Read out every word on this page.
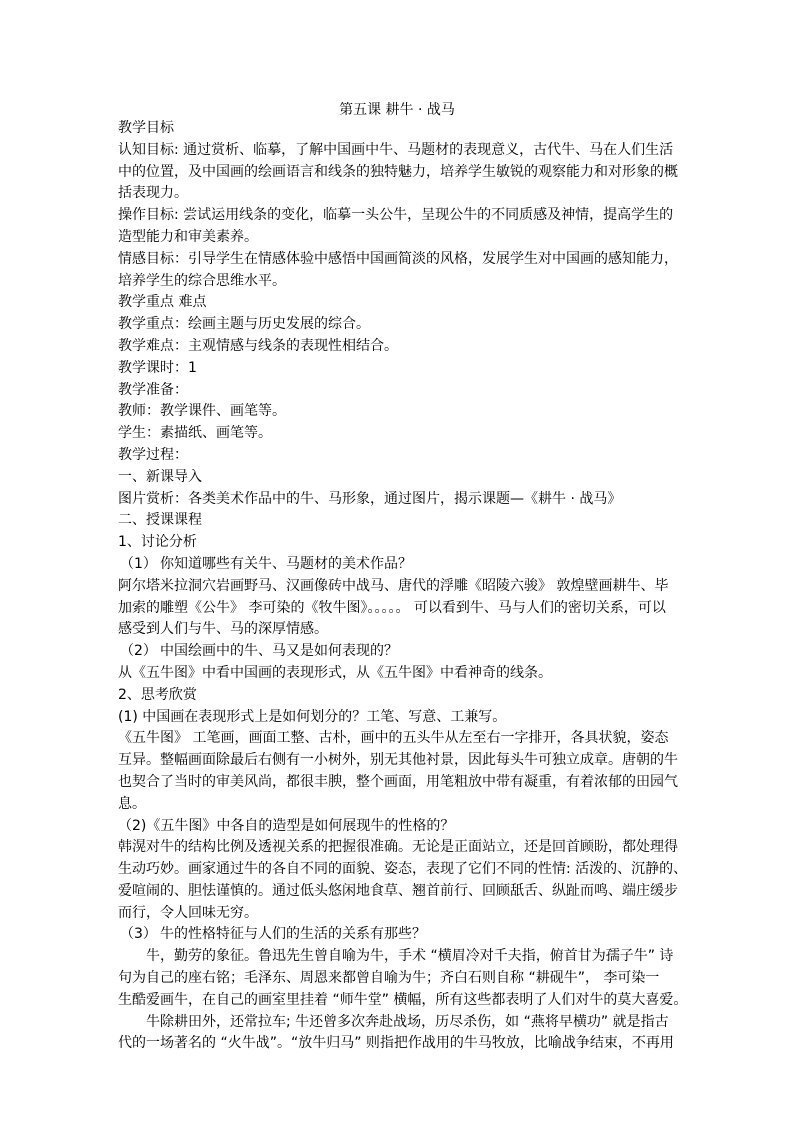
第五课 耕牛 · 战马
教学目标
认知目标: 通过赏析、临摹，了解中国画中牛、马题材的表现意义，古代牛、马在人们生活
中的位置，及中国画的绘画语言和线条的独特魅力，培养学生敏锐的观察能力和对形象的概
括表现力。
操作目标: 尝试运用线条的变化，临摹一头公牛，呈现公牛的不同质感及神情，提高学生的
造型能力和审美素养。
情感目标：引导学生在情感体验中感悟中国画简淡的风格，发展学生对中国画的感知能力，
培养学生的综合思维水平。
教学重点 难点
教学重点：绘画主题与历史发展的综合。
教学难点：主观情感与线条的表现性相结合。
教学课时：1
教学准备：
教师：教学课件、画笔等。
学生：素描纸、画笔等。
教学过程：
一、新课导入
图片赏析：各类美术作品中的牛、马形象，通过图片，揭示课题—《耕牛 · 战马》
二、授课课程
1、讨论分析
（1） 你知道哪些有关牛、马题材的美术作品？
阿尔塔米拉洞穴岩画野马、汉画像砖中战马、唐代的浮雕《昭陵六骏》 敦煌壁画耕牛、毕
加索的雕塑《公牛》 李可染的《牧牛图》。。。。。 可以看到牛、马与人们的密切关系，可以
感受到人们与牛、马的深厚情感。
（2） 中国绘画中的牛、马又是如何表现的？
从《五牛图》中看中国画的表现形式，从《五牛图》中看神奇的线条。
2、思考欣赏
(1) 中国画在表现形式上是如何划分的？工笔、写意、工兼写。
《五牛图》 工笔画，画面工整、古朴，画中的五头牛从左至右一字排开，各具状貌，姿态
互异。整幅画面除最后右侧有一小树外，别无其他衬景，因此每头牛可独立成章。唐朝的牛
也契合了当时的审美风尚，都很丰腴，整个画面，用笔粗放中带有凝重，有着浓郁的田园气
息。
（2)《五牛图》中各自的造型是如何展现牛的性格的？
韩滉对牛的结构比例及透视关系的把握很准确。无论是正面站立，还是回首顾盼，都处理得
生动巧妙。画家通过牛的各自不同的面貌、姿态，表现了它们不同的性情: 活泼的、沉静的、
爱喧闹的、胆怯谨慎的。通过低头悠闲地食草、翘首前行、回顾舐舌、纵趾而鸣、端庄缓步
而行，令人回味无穷。
（3） 牛的性格特征与人们的生活的关系有那些？
牛，勤劳的象征。鲁迅先生曾自喻为牛，手术 “横眉冷对千夫指，俯首甘为孺子牛” 诗
句为自己的座右铭；毛泽东、周恩来都曾自喻为牛；齐白石则自称 “耕砚牛”， 李可染一
生酷爱画牛，在自己的画室里挂着 “师牛堂” 横幅，所有这些都表明了人们对牛的莫大喜爱。
牛除耕田外，还常拉车; 牛还曾多次奔赴战场，历尽杀伤，如 “燕将早横功” 就是指古
代的一场著名的 “火牛战”。“放牛归马” 则指把作战用的牛马牧放，比喻战争结束，不再用
